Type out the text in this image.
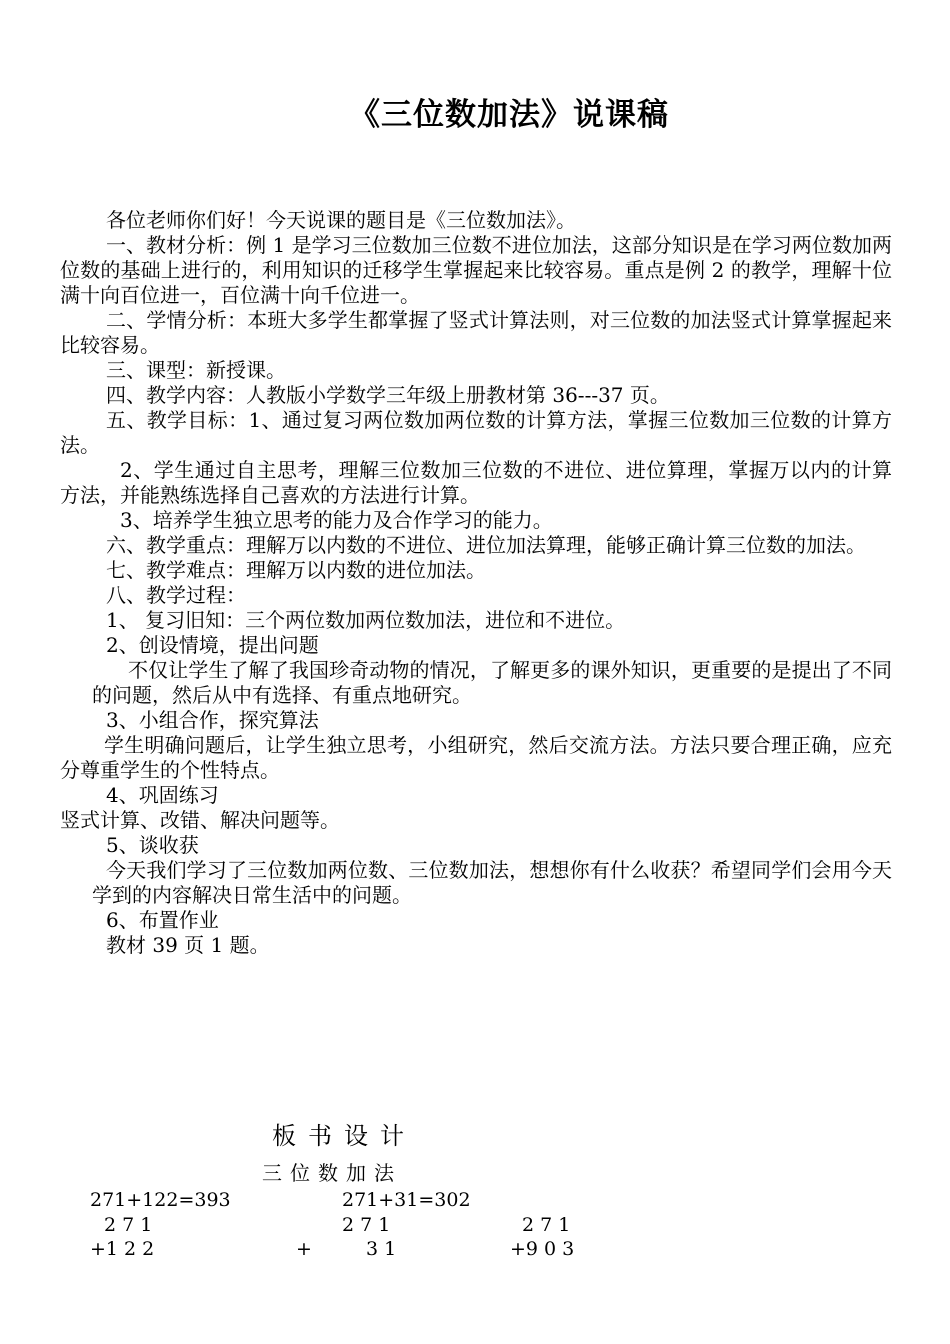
《三位数加法》说课稿

各位老师你们好！今天说课的题目是《三位数加法》。

一、教材分析：例 1 是学习三位数加三位数不进位加法，这部分知识是在学习两位数加两位数的基础上进行的，利用知识的迁移学生掌握起来比较容易。重点是例 2 的教学，理解十位满十向百位进一，百位满十向千位进一。

二、学情分析：本班大多学生都掌握了竖式计算法则，对三位数的加法竖式计算掌握起来比较容易。

三、课型：新授课。

四、教学内容：人教版小学数学三年级上册教材第 36---37 页。

五、教学目标：1、通过复习两位数加两位数的计算方法，掌握三位数加三位数的计算方法。

2、学生通过自主思考，理解三位数加三位数的不进位、进位算理，掌握万以内的计算方法，并能熟练选择自己喜欢的方法进行计算。

3、培养学生独立思考的能力及合作学习的能力。

六、教学重点：理解万以内数的不进位、进位加法算理，能够正确计算三位数的加法。

七、教学难点：理解万以内数的进位加法。

八、教学过程：

1、 复习旧知：三个两位数加两位数加法，进位和不进位。

2、创设情境，提出问题

不仅让学生了解了我国珍奇动物的情况，了解更多的课外知识，更重要的是提出了不同的问题，然后从中有选择、有重点地研究。

3、小组合作，探究算法

学生明确问题后，让学生独立思考，小组研究，然后交流方法。方法只要合理正确，应充分尊重学生的个性特点。

4、巩固练习

竖式计算、改错、解决问题等。

5、谈收获

今天我们学习了三位数加两位数、三位数加法，想想你有什么收获？希望同学们会用今天学到的内容解决日常生活中的问题。

6、布置作业

教材 39 页 1 题。

板书设计
三位数加法
271+122=393	271+31=302
2 7 1
+1 2 2
2 7 1
+	3 1
2 7 1
+9 0 3
